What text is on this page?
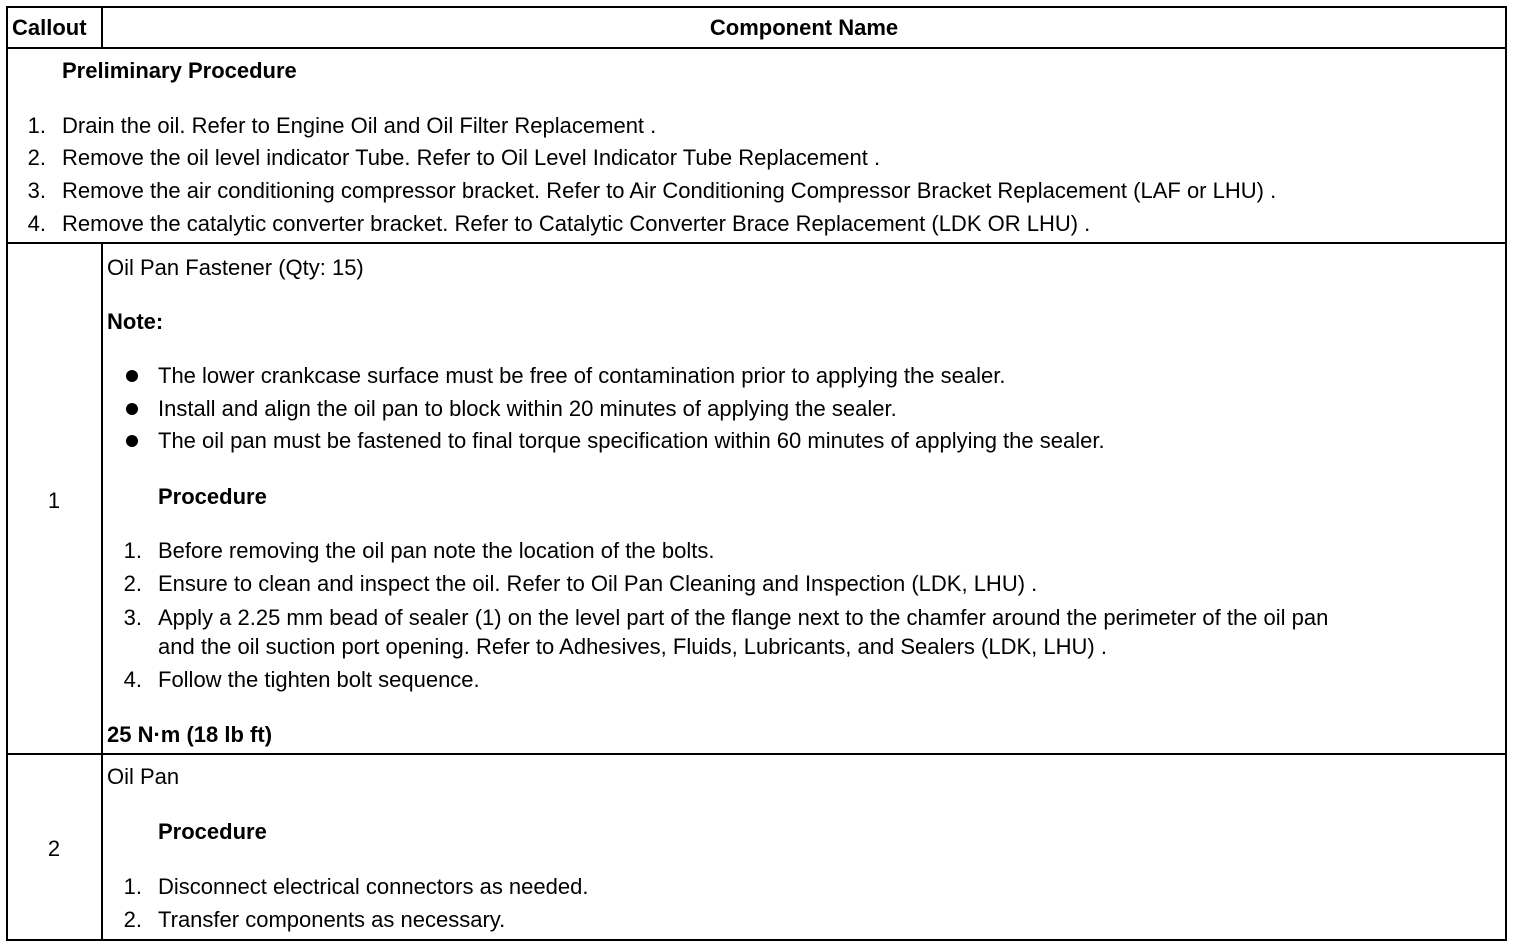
Callout	Component Name
Preliminary Procedure
1. Drain the oil. Refer to Engine Oil and Oil Filter Replacement .
2. Remove the oil level indicator Tube. Refer to Oil Level Indicator Tube Replacement .
3. Remove the air conditioning compressor bracket. Refer to Air Conditioning Compressor Bracket Replacement (LAF or LHU) .
4. Remove the catalytic converter bracket. Refer to Catalytic Converter Brace Replacement (LDK OR LHU) .
1
Oil Pan Fastener (Qty: 15)
Note:
The lower crankcase surface must be free of contamination prior to applying the sealer.
Install and align the oil pan to block within 20 minutes of applying the sealer.
The oil pan must be fastened to final torque specification within 60 minutes of applying the sealer.
Procedure
1. Before removing the oil pan note the location of the bolts.
2. Ensure to clean and inspect the oil. Refer to Oil Pan Cleaning and Inspection (LDK, LHU) .
3. Apply a 2.25 mm bead of sealer (1) on the level part of the flange next to the chamfer around the perimeter of the oil pan
and the oil suction port opening. Refer to Adhesives, Fluids, Lubricants, and Sealers (LDK, LHU) .
4. Follow the tighten bolt sequence.
25 N·m (18 lb ft)
2
Oil Pan
Procedure
1. Disconnect electrical connectors as needed.
2. Transfer components as necessary.
